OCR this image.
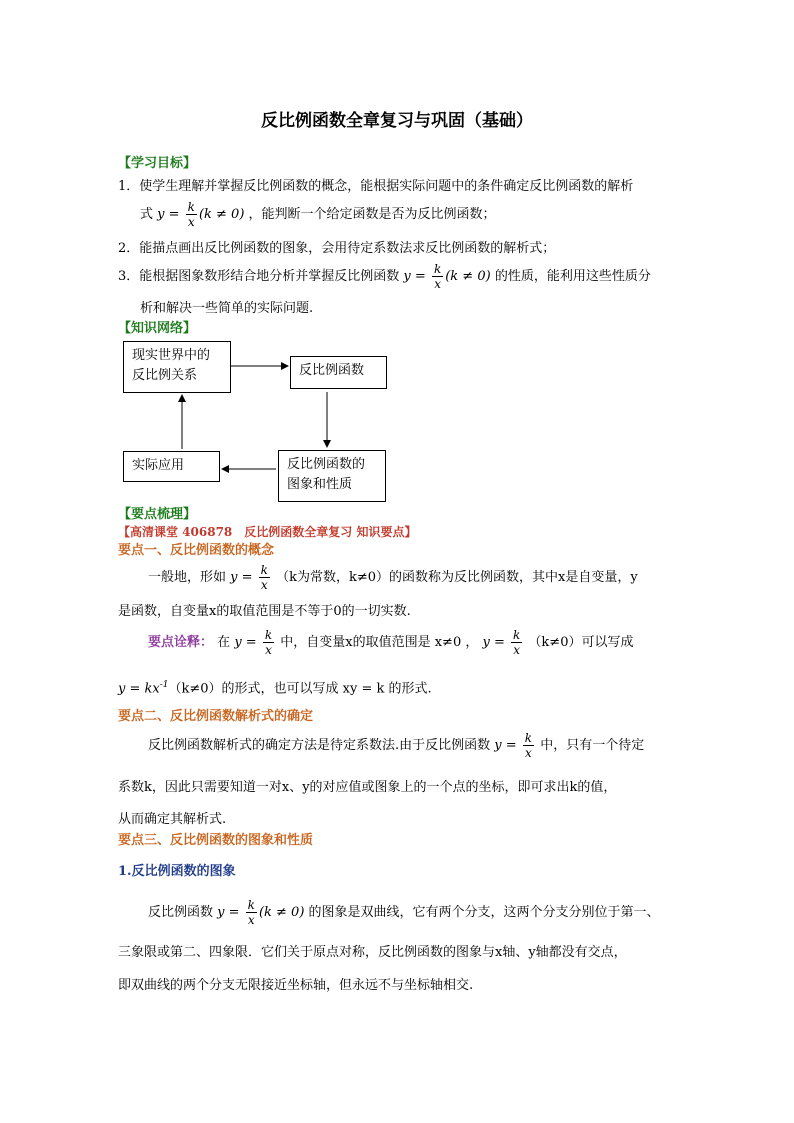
反比例函数全章复习与巩固（基础）
【学习目标】
1．使学生理解并掌握反比例函数的概念，能根据实际问题中的条件确定反比例函数的解析
式 $y = \frac{k}{x} (k \ne 0)$ ，能判断一个给定函数是否为反比例函数；
2．能描点画出反比例函数的图象，会用待定系数法求反比例函数的解析式；
3．能根据图象数形结合地分析并掌握反比例函数 $y = \frac{k}{x} (k \ne 0)$ 的性质，能利用这些性质分
析和解决一些简单的实际问题.
【知识网络】
现实世界中的
反比例关系	反比例函数
反比例函数的
图象和性质
实际应用
【要点梳理】
【高清课堂 406878　反比例函数全章复习 知识要点】
要点一、反比例函数的概念
一般地，形如 $y = \frac{k}{x} (k$为常数，k≠0）的函数称为反比例函数，其中x是自变量，y
是函数，自变量x的取值范围是不等于0的一切实数.
要点诠释： 在 $y = \frac{k}{x}$ 中，自变量x的取值范围是 x≠0 ， $y = \frac{k}{x} (k\ne 0)$可以写成
$y = kx^{-1}(k\ne 0)$的形式，也可以写成 xy = k 的形式.
要点二、反比例函数解析式的确定
反比例函数解析式的确定方法是待定系数法.由于反比例函数 $y = \frac{k}{x}$ 中，只有一个待定
系数k，因此只需要知道一对x、y的对应值或图象上的一个点的坐标，即可求出k的值，
从而确定其解析式.
要点三、反比例函数的图象和性质
1.反比例函数的图象
反比例函数 $y = \frac{k}{x} (k \ne 0)$ 的图象是双曲线，它有两个分支，这两个分支分别位于第一、
三象限或第二、四象限．它们关于原点对称，反比例函数的图象与x轴、y轴都没有交点，
即双曲线的两个分支无限接近坐标轴，但永远不与坐标轴相交.
